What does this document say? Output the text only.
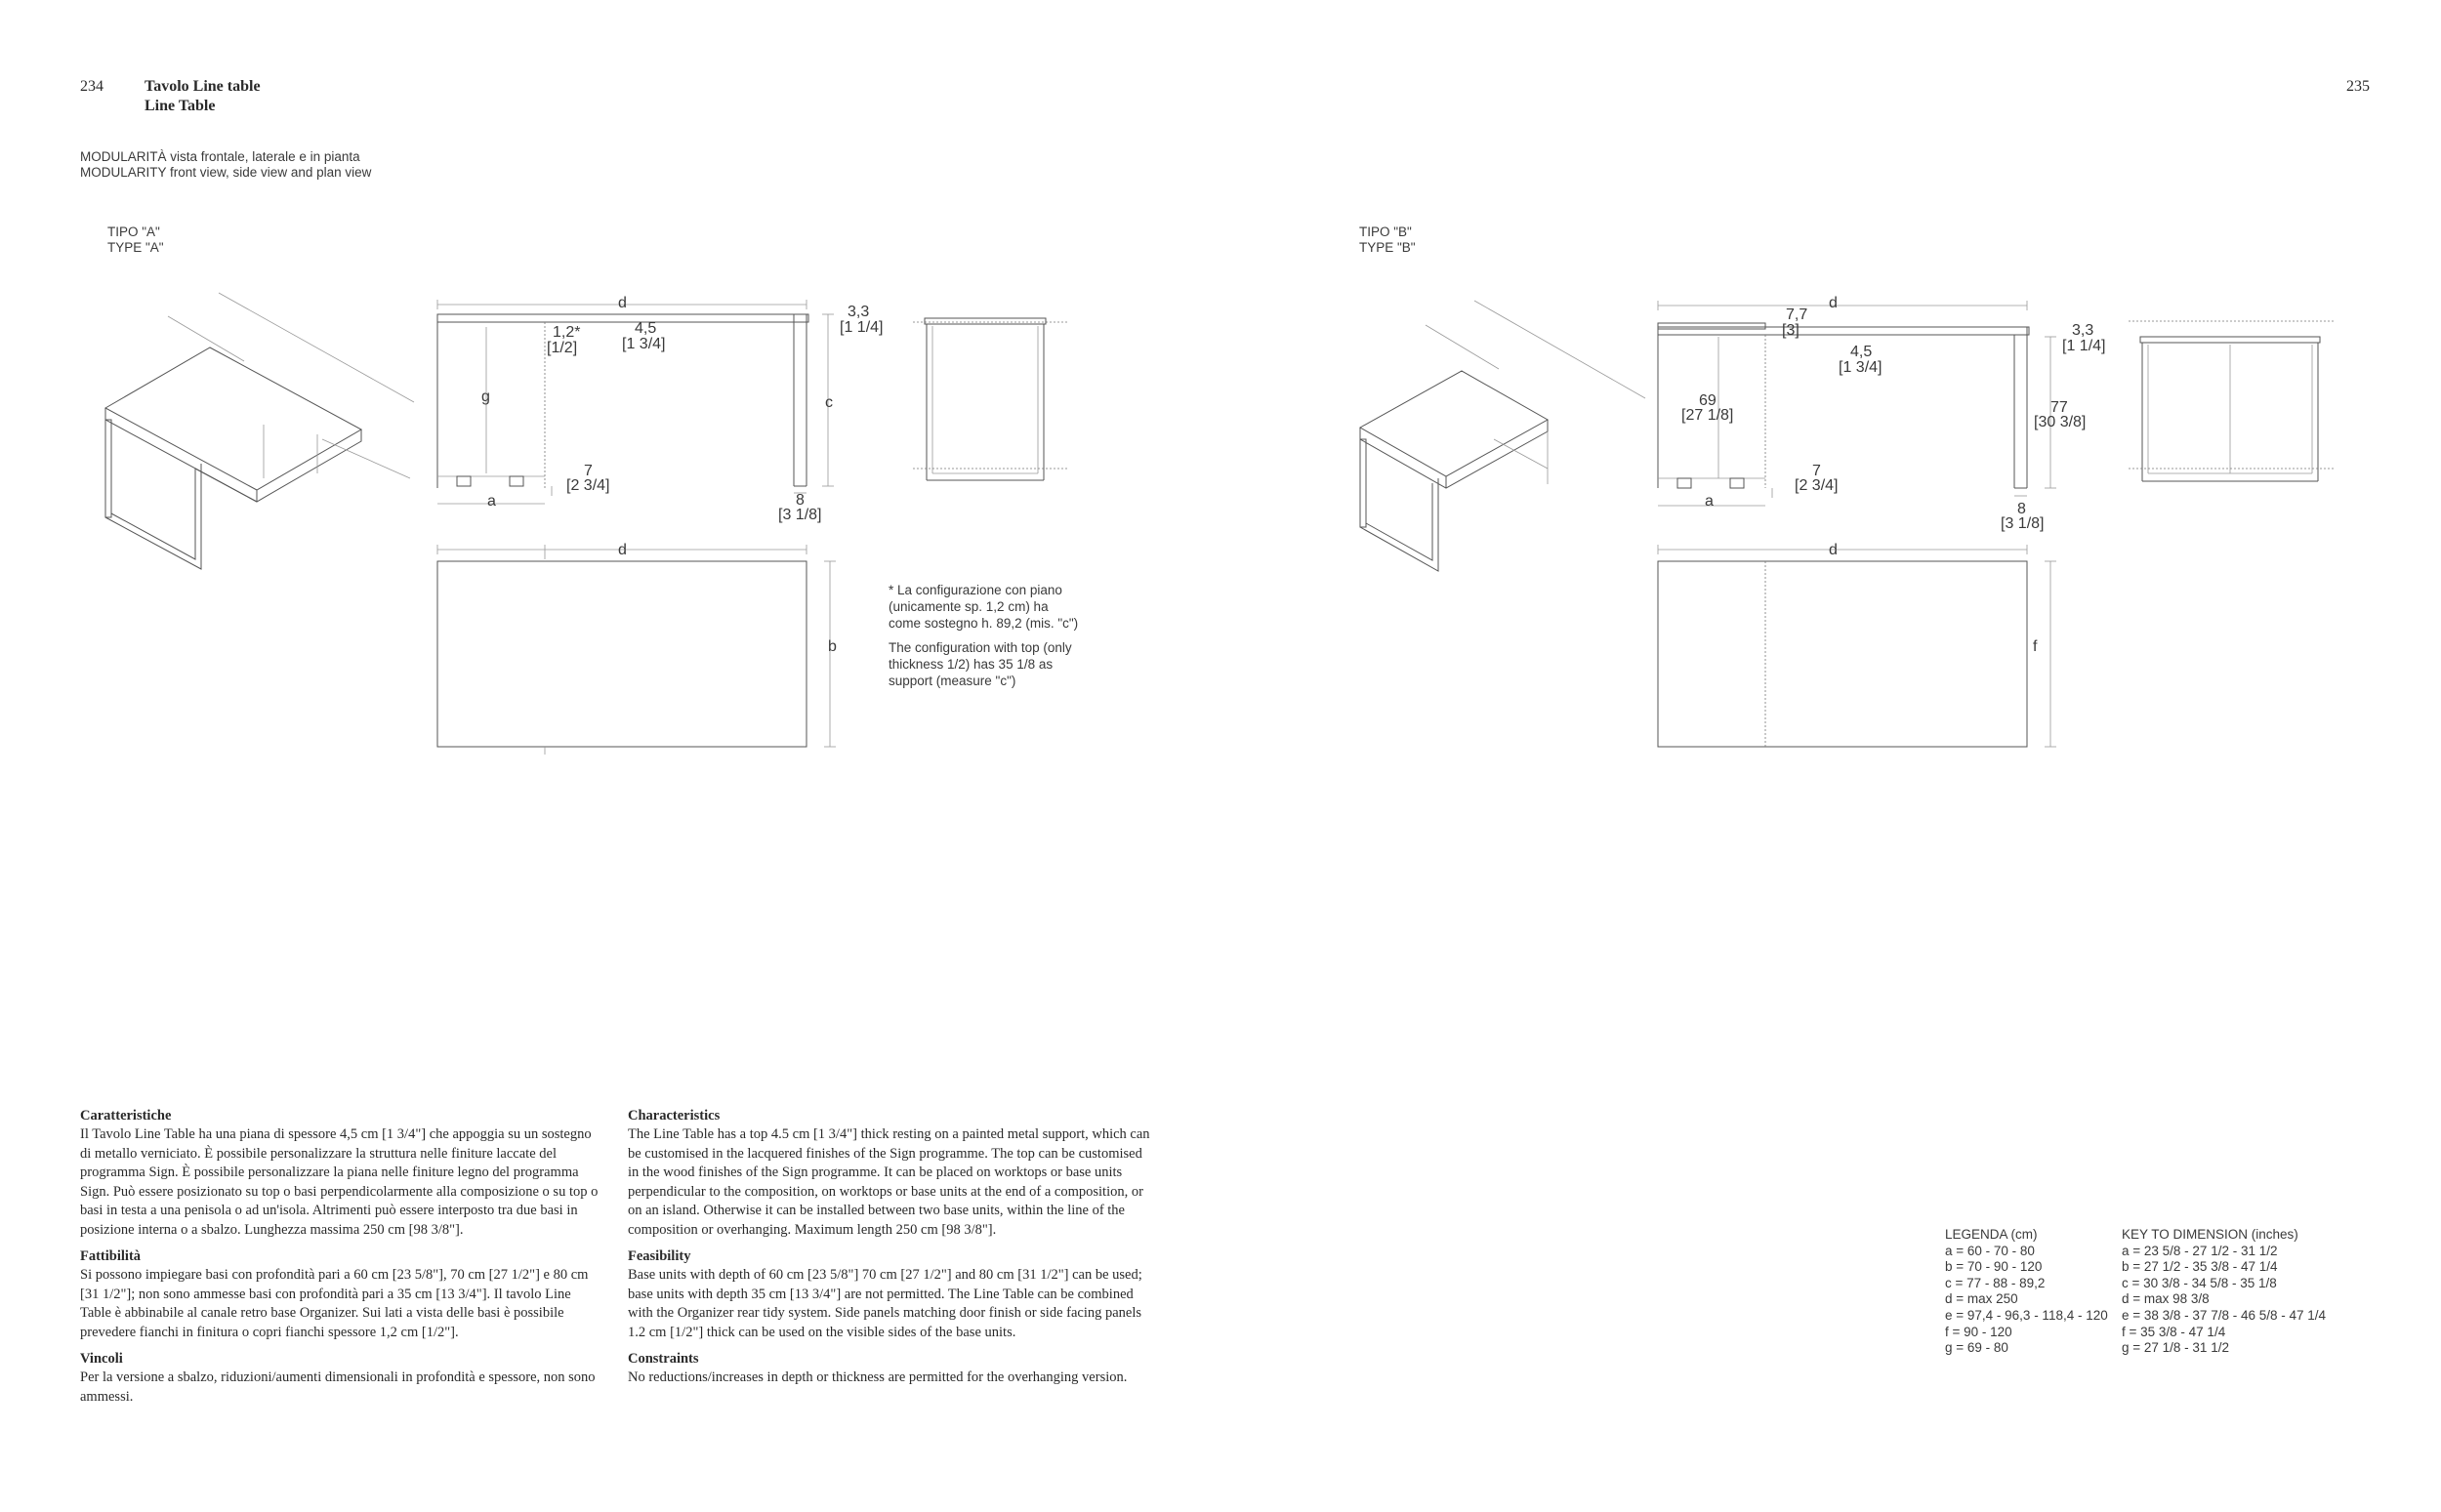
234	Tavolo Line table
Line Table
235
MODULARITÀ vista frontale, laterale e in pianta
MODULARITY front view, side view and plan view
TIPO "A"
TYPE "A"
d
3,3
[1 1/4]
1,2*
[1/2]
4,5
[1 3/4]
g	c
7
[2 3/4]
a	8
[3 1/8]
d
b
* La configurazione con piano (unicamente sp. 1,2 cm) ha come sostegno h. 89,2 (mis. "c")
The configuration with top (only thickness 1/2) has 35 1/8 as support (measure "c")
TIPO "B"
TYPE "B"
d
7,7
[3]
4,5
[1 3/4]
3,3
[1 1/4]
69
[27 1/8]	77
[30 3/8]
7
[2 3/4]
a	8
[3 1/8]
d
f
Caratteristiche
Il Tavolo Line Table ha una piana di spessore 4,5 cm [1 3/4"] che appoggia su un sostegno di metallo verniciato. È possibile personalizzare la struttura nelle finiture laccate del programma Sign. È possibile personalizzare la piana nelle finiture legno del programma Sign. Può essere posizionato su top o basi perpendicolarmente alla composizione o su top o basi in testa a una penisola o ad un'isola. Altrimenti può essere interposto tra due basi in posizione interna o a sbalzo. Lunghezza massima 250 cm [98 3/8"].
Fattibilità
Si possono impiegare basi con profondità pari a 60 cm [23 5/8"], 70 cm [27 1/2"] e 80 cm [31 1/2"]; non sono ammesse basi con profondità pari a 35 cm [13 3/4"]. Il tavolo Line Table è abbinabile al canale retro base Organizer. Sui lati a vista delle basi è possibile prevedere fianchi in finitura o copri fianchi spessore 1,2 cm [1/2"].
Vincoli
Per la versione a sbalzo, riduzioni/aumenti dimensionali in profondità e spessore, non sono ammessi.
Characteristics
The Line Table has a top 4.5 cm [1 3/4"] thick resting on a painted metal support, which can be customised in the lacquered finishes of the Sign programme. The top can be customised in the wood finishes of the Sign programme. It can be placed on worktops or base units perpendicular to the composition, on worktops or base units at the end of a composition, or on an island. Otherwise it can be installed between two base units, within the line of the composition or overhanging. Maximum length 250 cm [98 3/8"].
Feasibility
Base units with depth of 60 cm [23 5/8"] 70 cm [27 1/2"] and 80 cm [31 1/2"] can be used; base units with depth 35 cm [13 3/4"] are not permitted. The Line Table can be combined with the Organizer rear tidy system. Side panels matching door finish or side facing panels 1.2 cm [1/2"] thick can be used on the visible sides of the base units.
Constraints
No reductions/increases in depth or thickness are permitted for the overhanging version.
LEGENDA (cm)
a = 60 - 70 - 80
b = 70 - 90 - 120
c = 77 - 88 - 89,2
d = max 250
e = 97,4 - 96,3 - 118,4 - 120
f = 90 - 120
g = 69 - 80
KEY TO DIMENSION (inches)
a = 23 5/8 - 27 1/2 - 31 1/2
b = 27 1/2 - 35 3/8 - 47 1/4
c = 30 3/8 - 34 5/8 - 35 1/8
d = max 98 3/8
e = 38 3/8 - 37 7/8 - 46 5/8 - 47 1/4
f = 35 3/8 - 47 1/4
g = 27 1/8 - 31 1/2
